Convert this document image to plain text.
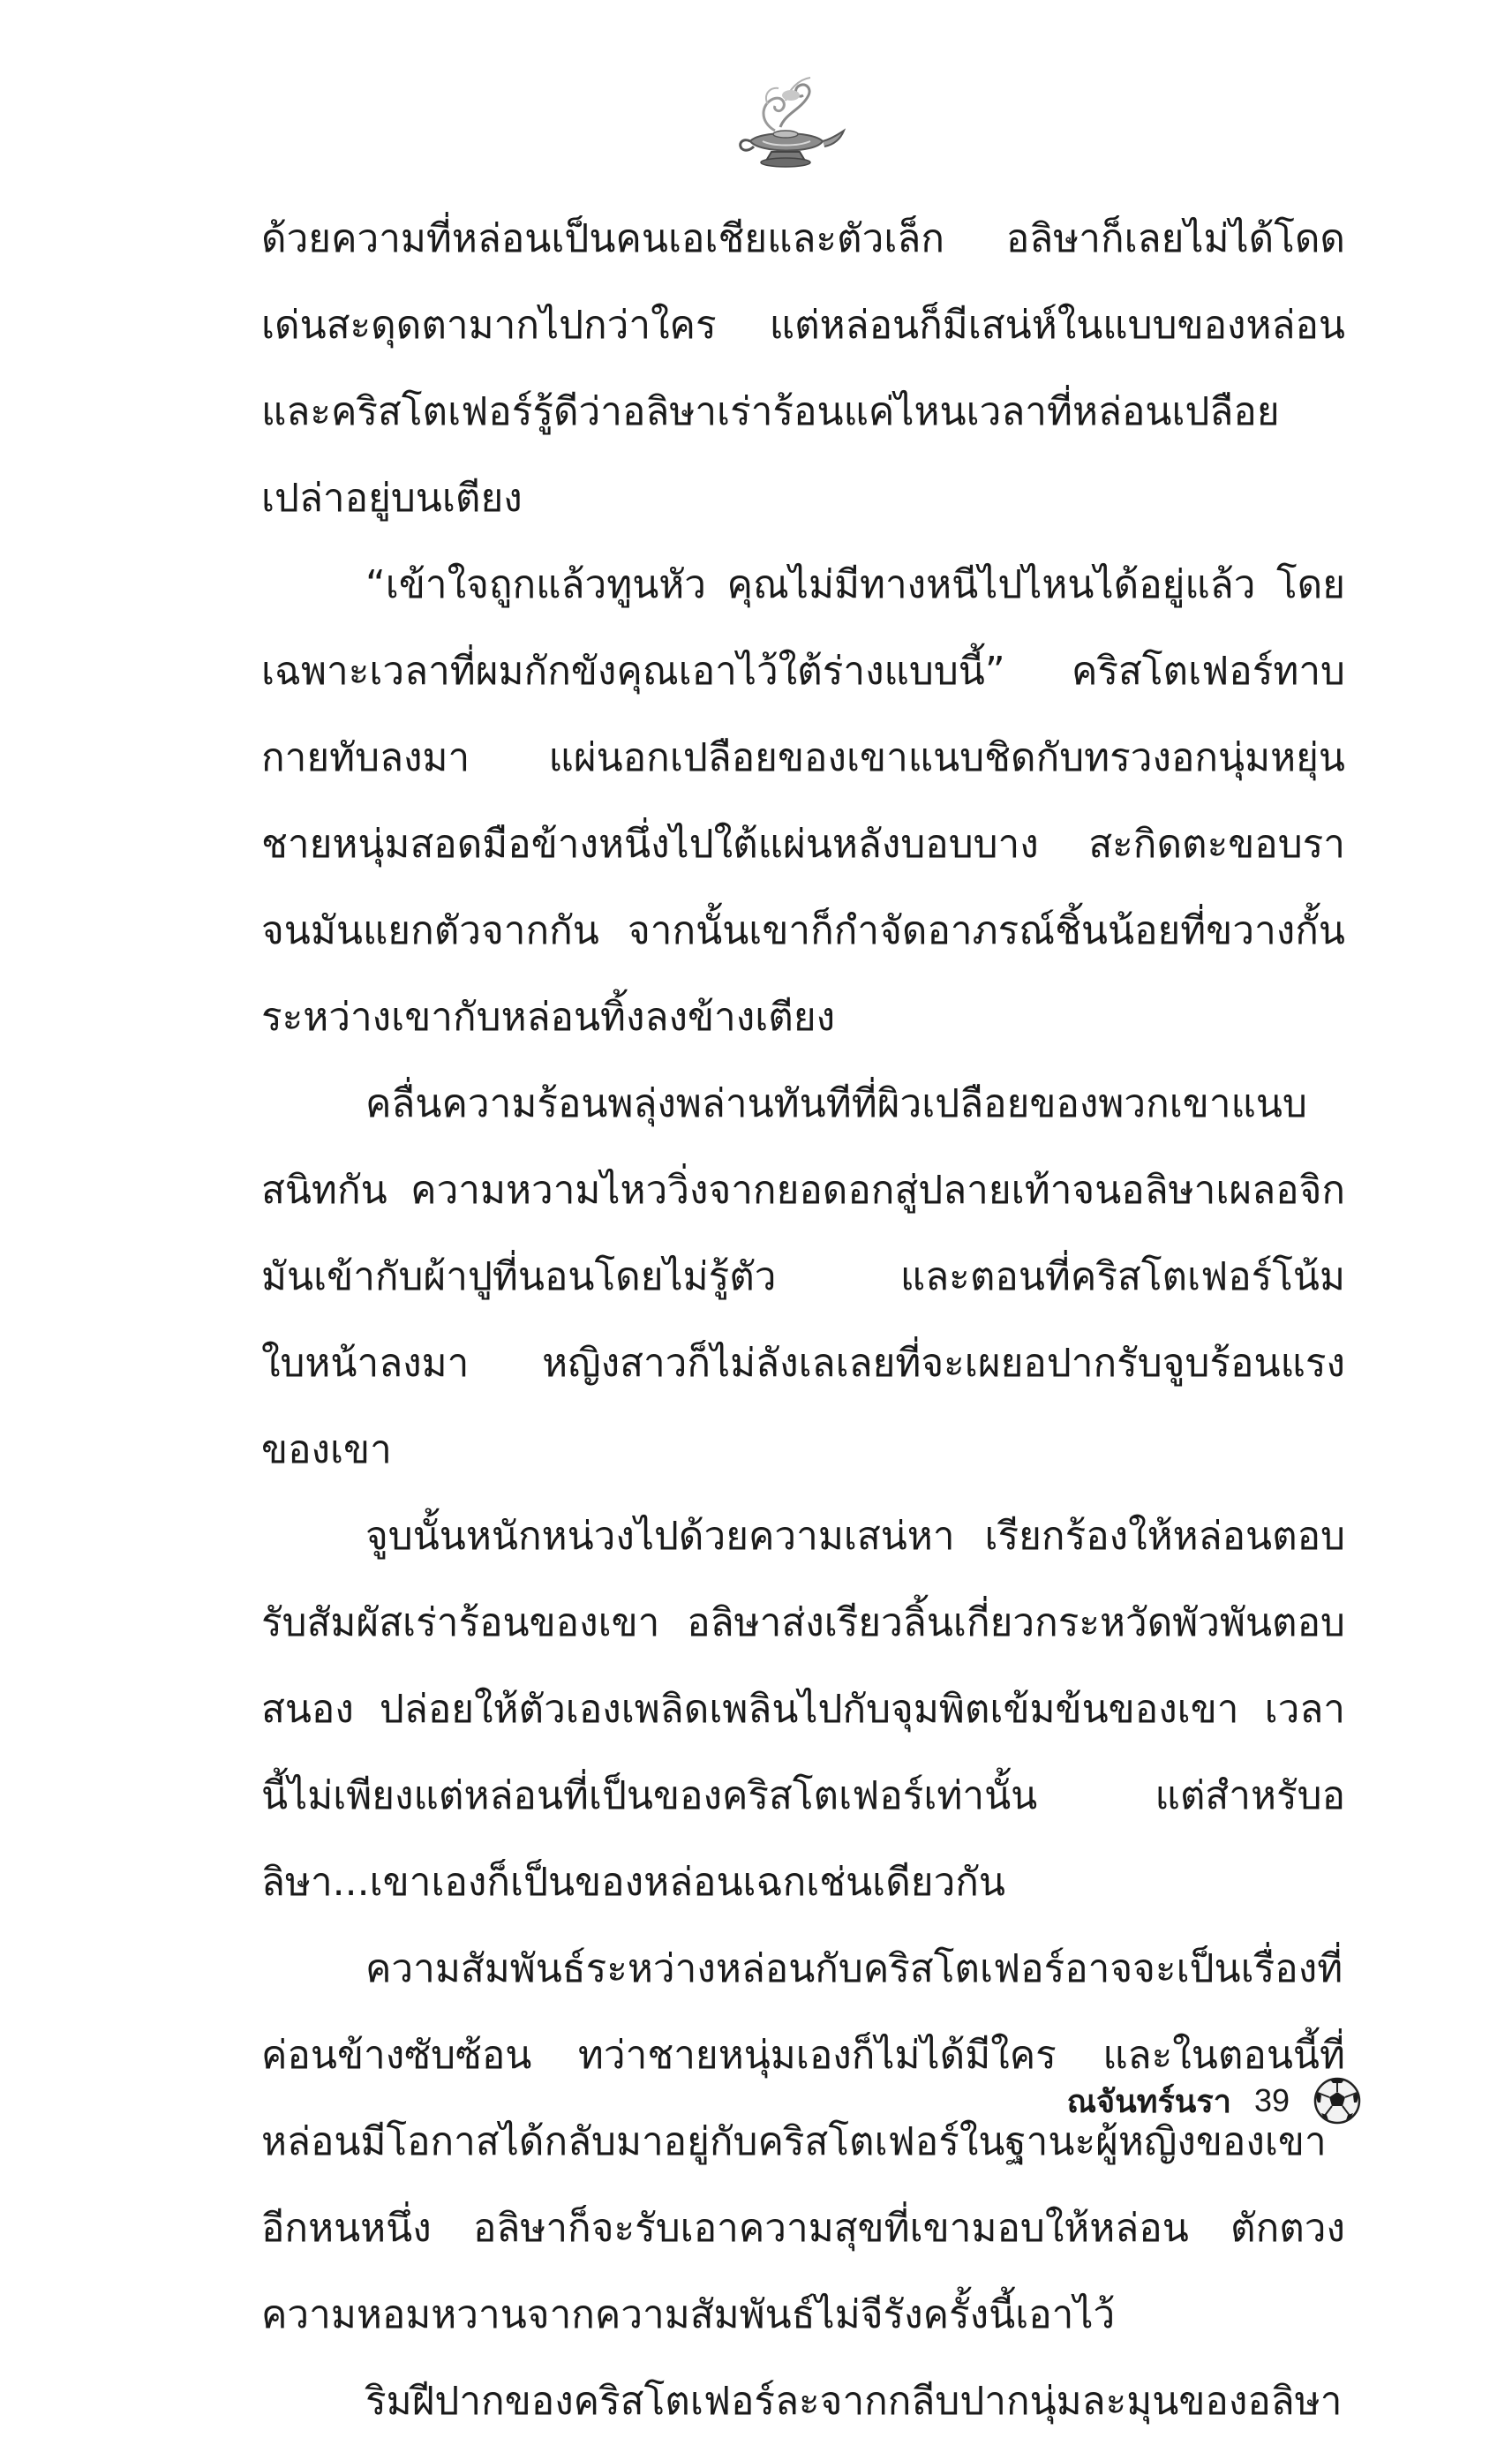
ด้วยความที่หล่อนเป็นคนเอเชียและตัวเล็ก อลิษาก็เลยไม่ได้โดดเด่นสะดุดตามากไปกว่าใคร แต่หล่อนก็มีเสน่ห์ในแบบของหล่อน และคริสโตเฟอร์รู้ดีว่าอลิษาเร่าร้อนแค่ไหนเวลาที่หล่อนเปลือยเปล่าอยู่บนเตียง

“เข้าใจถูกแล้วทูนหัว คุณไม่มีทางหนีไปไหนได้อยู่แล้ว โดยเฉพาะเวลาที่ผมกักขังคุณเอาไว้ใต้ร่างแบบนี้” คริสโตเฟอร์ทาบกายทับลงมา แผ่นอกเปลือยของเขาแนบชิดกับทรวงอกนุ่มหยุ่น ชายหนุ่มสอดมือข้างหนึ่งไปใต้แผ่นหลังบอบบาง สะกิดตะขอบราจนมันแยกตัวจากกัน จากนั้นเขาก็กำจัดอาภรณ์ชิ้นน้อยที่ขวางกั้นระหว่างเขากับหล่อนทิ้งลงข้างเตียง

คลื่นความร้อนพลุ่งพล่านทันทีที่ผิวเปลือยของพวกเขาแนบสนิทกัน ความหวามไหววิ่งจากยอดอกสู่ปลายเท้าจนอลิษาเผลอจิกมันเข้ากับผ้าปูที่นอนโดยไม่รู้ตัว และตอนที่คริสโตเฟอร์โน้มใบหน้าลงมา หญิงสาวก็ไม่ลังเลเลยที่จะเผยอปากรับจูบร้อนแรงของเขา

จูบนั้นหนักหน่วงไปด้วยความเสน่หา เรียกร้องให้หล่อนตอบรับสัมผัสเร่าร้อนของเขา อลิษาส่งเรียวลิ้นเกี่ยวกระหวัดพัวพันตอบสนอง ปล่อยให้ตัวเองเพลิดเพลินไปกับจุมพิตเข้มข้นของเขา เวลานี้ไม่เพียงแต่หล่อนที่เป็นของคริสโตเฟอร์เท่านั้น แต่สำหรับอลิษา...เขาเองก็เป็นของหล่อนเฉกเช่นเดียวกัน

ความสัมพันธ์ระหว่างหล่อนกับคริสโตเฟอร์อาจจะเป็นเรื่องที่ค่อนข้างซับซ้อน ทว่าชายหนุ่มเองก็ไม่ได้มีใคร และในตอนนี้ที่หล่อนมีโอกาสได้กลับมาอยู่กับคริสโตเฟอร์ในฐานะผู้หญิงของเขาอีกหนหนึ่ง อลิษาก็จะรับเอาความสุขที่เขามอบให้หล่อน ตักตวงความหอมหวานจากความสัมพันธ์ไม่จีรังครั้งนี้เอาไว้

ริมฝีปากของคริสโตเฟอร์ละจากกลีบปากนุ่มละมุนของอลิษา

ณจันทร์นรา 39
